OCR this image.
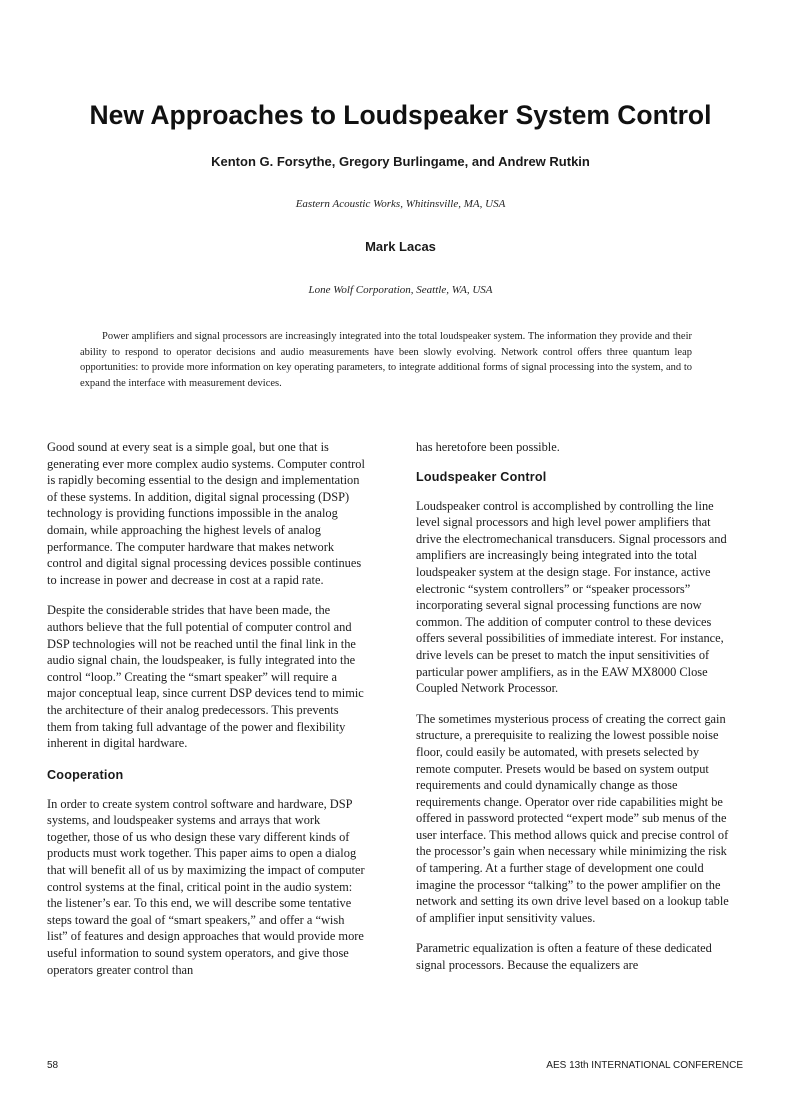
New Approaches to Loudspeaker System Control
Kenton G. Forsythe, Gregory Burlingame, and Andrew Rutkin
Eastern Acoustic Works, Whitinsville, MA, USA
Mark Lacas
Lone Wolf Corporation, Seattle, WA, USA

Power amplifiers and signal processors are increasingly integrated into the total loudspeaker system. The information they provide and their ability to respond to operator decisions and audio measurements have been slowly evolving. Network control offers three quantum leap opportunities: to provide more information on key operating parameters, to integrate additional forms of signal processing into the system, and to expand the interface with measurement devices.

Good sound at every seat is a simple goal, but one that is generating ever more complex audio systems. Computer control is rapidly becoming essential to the design and implementation of these systems. In addition, digital signal processing (DSP) technology is providing functions impossible in the analog domain, while approaching the highest levels of analog performance. The computer hardware that makes network control and digital signal processing devices possible continues to increase in power and decrease in cost at a rapid rate.

Despite the considerable strides that have been made, the authors believe that the full potential of computer control and DSP technologies will not be reached until the final link in the audio signal chain, the loudspeaker, is fully integrated into the control “loop.” Creating the “smart speaker” will require a major conceptual leap, since current DSP devices tend to mimic the architecture of their analog predecessors. This prevents them from taking full advantage of the power and flexibility inherent in digital hardware.

Cooperation

In order to create system control software and hardware, DSP systems, and loudspeaker systems and arrays that work together, those of us who design these vary different kinds of products must work together. This paper aims to open a dialog that will benefit all of us by maximizing the impact of computer control systems at the final, critical point in the audio system: the listener’s ear. To this end, we will describe some tentative steps toward the goal of “smart speakers,” and offer a “wish list” of features and design approaches that would provide more useful information to sound system operators, and give those operators greater control than

has heretofore been possible.

Loudspeaker Control

Loudspeaker control is accomplished by controlling the line level signal processors and high level power amplifiers that drive the electromechanical transducers. Signal processors and amplifiers are increasingly being integrated into the total loudspeaker system at the design stage. For instance, active electronic “system controllers” or “speaker processors” incorporating several signal processing functions are now common. The addition of computer control to these devices offers several possibilities of immediate interest. For instance, drive levels can be preset to match the input sensitivities of particular power amplifiers, as in the EAW MX8000 Close Coupled Network Processor.

The sometimes mysterious process of creating the correct gain structure, a prerequisite to realizing the lowest possible noise floor, could easily be automated, with presets selected by remote computer. Presets would be based on system output requirements and could dynamically change as those requirements change. Operator over ride capabilities might be offered in password protected “expert mode” sub menus of the user interface. This method allows quick and precise control of the processor’s gain when necessary while minimizing the risk of tampering. At a further stage of development one could imagine the processor “talking” to the power amplifier on the network and setting its own drive level based on a lookup table of amplifier input sensitivity values.

Parametric equalization is often a feature of these dedicated signal processors. Because the equalizers are

58	AES 13th INTERNATIONAL CONFERENCE
